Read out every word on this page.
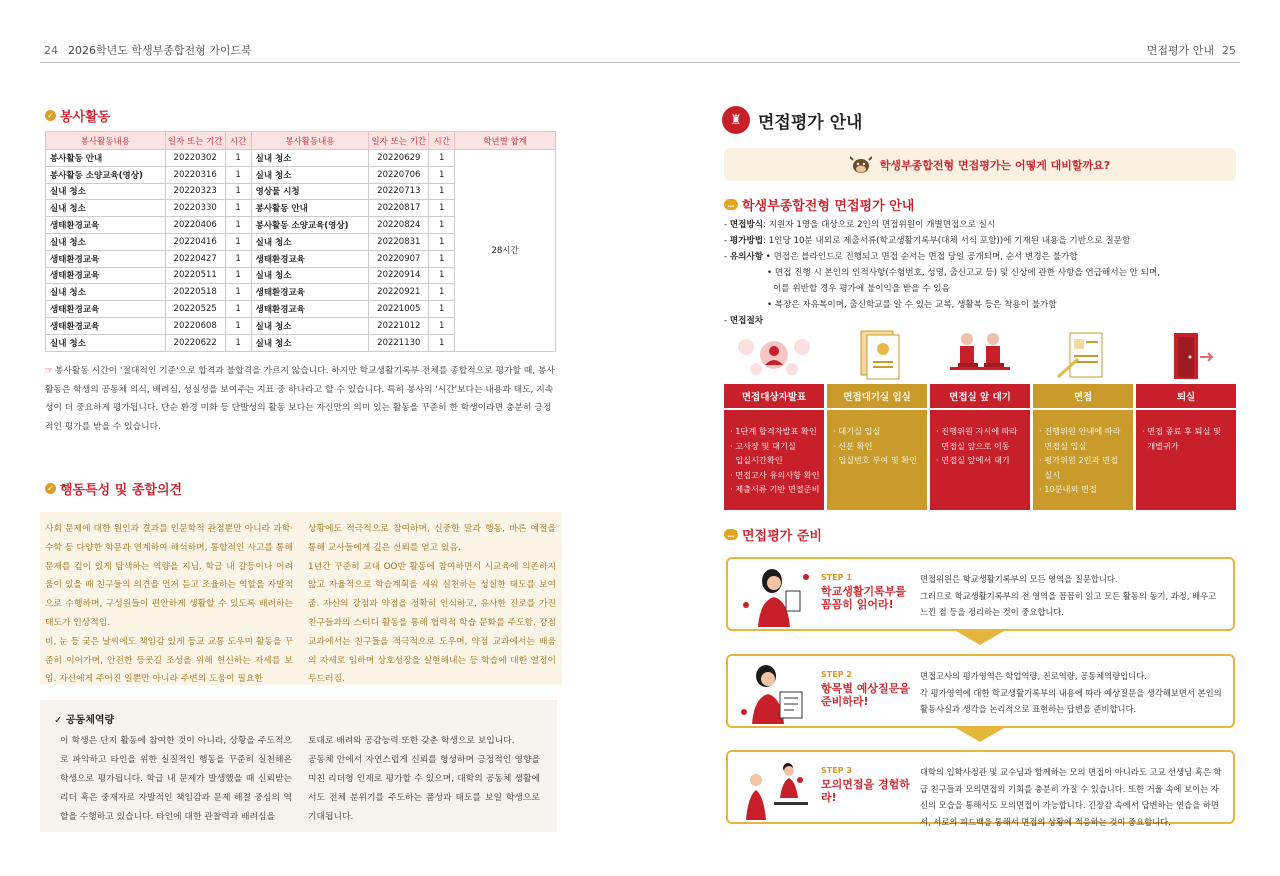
24 2026학년도 학생부종합전형 가이드북	면접평가 안내 25
✓ 봉사활동
봉사활동내용	일자 또는 기간	시간	봉사활동내용	일자 또는 기간	시간	학년별 합계
봉사활동 안내	20220302	1	실내 청소	20220629	1	28시간
봉사활동 소양교육(영상)	20220316	1	실내 청소	20220706	1	
실내 청소	20220323	1	영상물 시청	20220713	1	
실내 청소	20220330	1	봉사활동 안내	20220817	1	
생태환경교육	20220406	1	봉사활동 소양교육(영상)	20220824	1	
실내 청소	20220416	1	실내 청소	20220831	1	
생태환경교육	20220427	1	생태환경교육	20220907	1	
생태환경교육	20220511	1	실내 청소	20220914	1	
실내 청소	20220518	1	생태환경교육	20220921	1	
생태환경교육	20220525	1	생태환경교육	20221005	1	
생태환경교육	20220608	1	실내 청소	20221012	1	
실내 청소	20220622	1	실내 청소	20221130	1	
☞ 봉사활동 시간이 '절대적인 기준'으로 합격과 불합격을 가르지 않습니다. 하지만 학교생활기록부 전체를 종합적으로 평가할 때, 봉사활동은 학생의 공동체 의식, 배려심, 성실성을 보여주는 지표 중 하나라고 할 수 있습니다. 특히 봉사의 '시간'보다는 내용과 태도, 지속성이 더 중요하게 평가됩니다. 단순 환경 미화 등 단발성의 활동 보다는 자신만의 의미 있는 활동을 꾸준히 한 학생이라면 충분히 긍정적인 평가를 받을 수 있습니다.
✓ 행동특성 및 종합의견
사회 문제에 대한 원인과 결과를 인문학적 관점뿐만 아니라 과학·수학 등 다양한 학문과 연계하여 해석하며, 통합적인 사고를 통해 문제를 깊이 있게 탐색하는 역량을 지님. 학급 내 갈등이나 어려움이 있을 때 친구들의 의견을 먼저 듣고 조율하는 역할을 자발적으로 수행하며, 구성원들이 편안하게 생활할 수 있도록 배려하는 태도가 인상적임.
비, 눈 등 궂은 날씨에도 책임감 있게 등교 교통 도우미 활동을 꾸준히 이어가며, 안전한 등굣길 조성을 위해 헌신하는 자세를 보임. 자신에게 주어진 일뿐만 아니라 주변의 도움이 필요한
상황에도 적극적으로 참여하며, 신중한 말과 행동, 바른 예절을 통해 교사들에게 깊은 신뢰를 얻고 있음.
1년간 꾸준히 교내 OO반 활동에 참여하면서 시교육에 의존하지 않고 자율적으로 학습계획을 세워 실천하는 성실한 태도를 보여줌. 자신의 강점과 약점을 정확히 인식하고, 유사한 진로를 가진 친구들과의 스터디 활동을 통해 협력적 학습 문화를 주도함. 강점 교과에서는 친구들을 적극적으로 도우며, 약점 교과에서는 배움의 자세로 임하며 상호성장을 실현해내는 등 학습에 대한 열정이 두드러짐.
✓ 공동체역량
이 학생은 단지 활동에 참여한 것이 아니라, 상황을 주도적으로 파악하고 타인을 위한 실질적인 행동을 꾸준히 실천해온 학생으로 평가됩니다. 학급 내 문제가 발생했을 때 신뢰받는 리더 혹은 중재자로 자발적인 책임감과 문제 해결 중심의 역할을 수행하고 있습니다. 타인에 대한 관찰력과 배려심을
토대로 배려와 공감능력 또한 갖춘 학생으로 보입니다.
공동체 안에서 자연스럽게 신뢰를 형성하며 긍정적인 영향을 미친 리더형 인재로 평가할 수 있으며, 대학의 공동체 생활에서도 전체 분위기를 주도하는 품성과 태도를 보일 학생으로 기대됩니다.
♜ 면접평가 안내
학생부종합전형 면접평가는 어떻게 대비할까요?
… 학생부종합전형 면접평가 안내
- 면접방식: 지원자 1명을 대상으로 2인의 면접위원이 개별면접으로 실시
- 평가방법: 1인당 10분 내외로 제출서류(학교생활기록부(대체 서식 포함))에 기재된 내용을 기반으로 질문함
- 유의사항 • 면접은 블라인드로 진행되고 면접 순서는 면접 당일 공개되며, 순서 변경은 불가함
• 면접 진행 시 본인의 인적사항(수험번호, 성명, 출신고교 등) 및 신상에 관한 사항을 언급해서는 안 되며,
이를 위반할 경우 평가에 불이익을 받을 수 있음
• 복장은 자유복이며, 출신학교를 알 수 있는 교복, 생활복 등은 착용이 불가함
- 면접절차
면접대상자발표
· 1단계 합격자발표 확인
· 고사장 및 대기실
입실시간확인
· 면접고사 유의사항 확인
· 제출서류 기반 면접준비
면접대기실 입실
· 대기실 입실
· 신분 확인
· 입실번호 부여 및 확인
면접실 앞 대기
· 진행위원 지시에 따라
면접실 앞으로 이동
· 면접실 앞에서 대기
면접
· 진행위원 안내에 따라
면접실 입실
· 평가위원 2인과 면접
실시
· 10분내외 면접
퇴실
· 면접 종료 후 퇴실 및
개별귀가
… 면접평가 준비
STEP 1
학교생활기록부를 꼼꼼히 읽어라!
면접위원은 학교생활기록부의 모든 영역을 질문합니다.
그러므로 학교생활기록부의 전 영역을 꼼꼼히 읽고 모든 활동의 동기, 과정, 배우고 느낀 점 등을 정리하는 것이 중요합니다.
STEP 2
항목별 예상질문을 준비하라!
면접고사의 평가영역은 학업역량, 진로역량, 공동체역량입니다.
각 평가영역에 대한 학교생활기록부의 내용에 따라 예상질문을 생각해보면서 본인의 활동사실과 생각을 논리적으로 표현하는 답변을 준비합니다.
STEP 3
모의면접을 경험하라!
대학의 입학사정관 및 교수님과 함께하는 모의 면접이 아니라도 고교 선생님 혹은 학급 친구들과 모의면접의 기회를 충분히 가질 수 있습니다. 또한 거울 속에 보이는 자신의 모습을 통해서도 모의면접이 가능합니다. 긴장감 속에서 답변하는 연습을 하면서, 서로의 피드백을 통해서 면접의 상황에 적응하는 것이 중요합니다.
